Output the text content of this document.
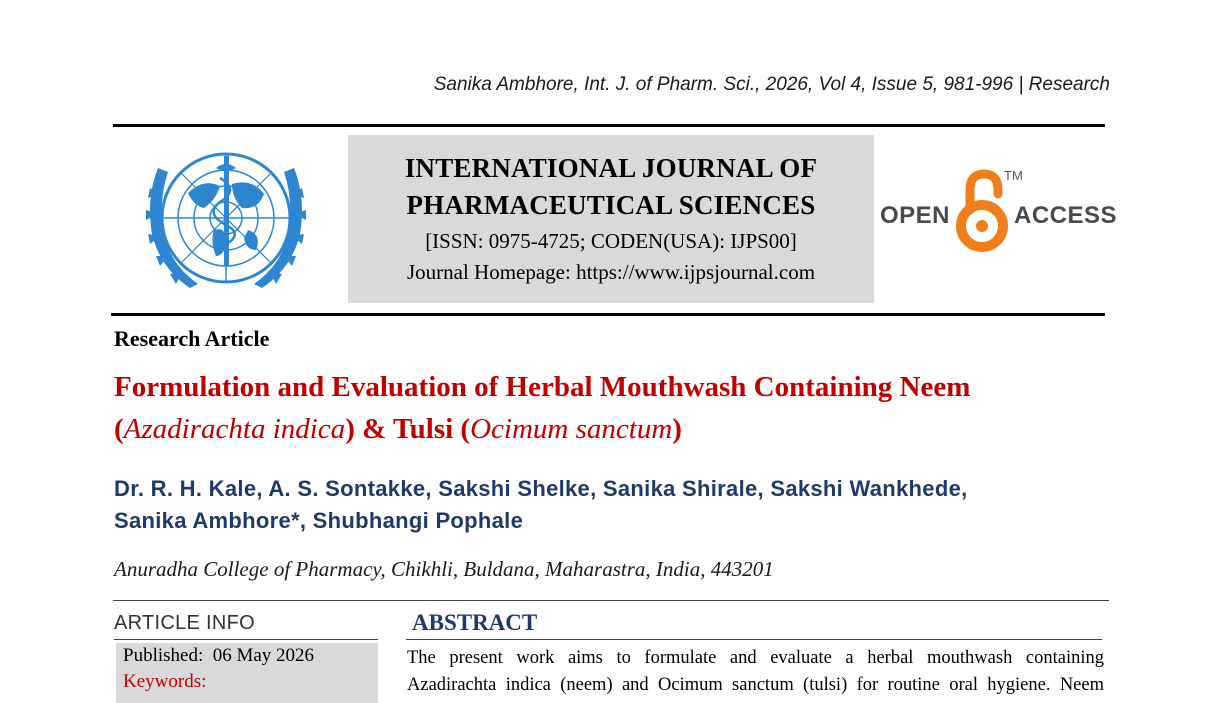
Sanika Ambhore, Int. J. of Pharm. Sci., 2026, Vol 4, Issue 5, 981-996 | Research
INTERNATIONAL JOURNAL OF
PHARMACEUTICAL SCIENCES
[ISSN: 0975-4725; CODEN(USA): IJPS00]
Journal Homepage: https://www.ijpsjournal.com
OPEN
TM
ACCESS
Research Article
Formulation and Evaluation of Herbal Mouthwash Containing Neem (Azadirachta indica) & Tulsi (Ocimum sanctum)
Dr. R. H. Kale, A. S. Sontakke, Sakshi Shelke, Sanika Shirale, Sakshi Wankhede,
Sanika Ambhore*, Shubhangi Pophale
Anuradha College of Pharmacy, Chikhli, Buldana, Maharastra, India, 443201
ARTICLE INFO
Published: 06 May 2026
Keywords:
ABSTRACT
The present work aims to formulate and evaluate a herbal mouthwash containing
Azadirachta indica (neem) and Ocimum sanctum (tulsi) for routine oral hygiene. Neem
